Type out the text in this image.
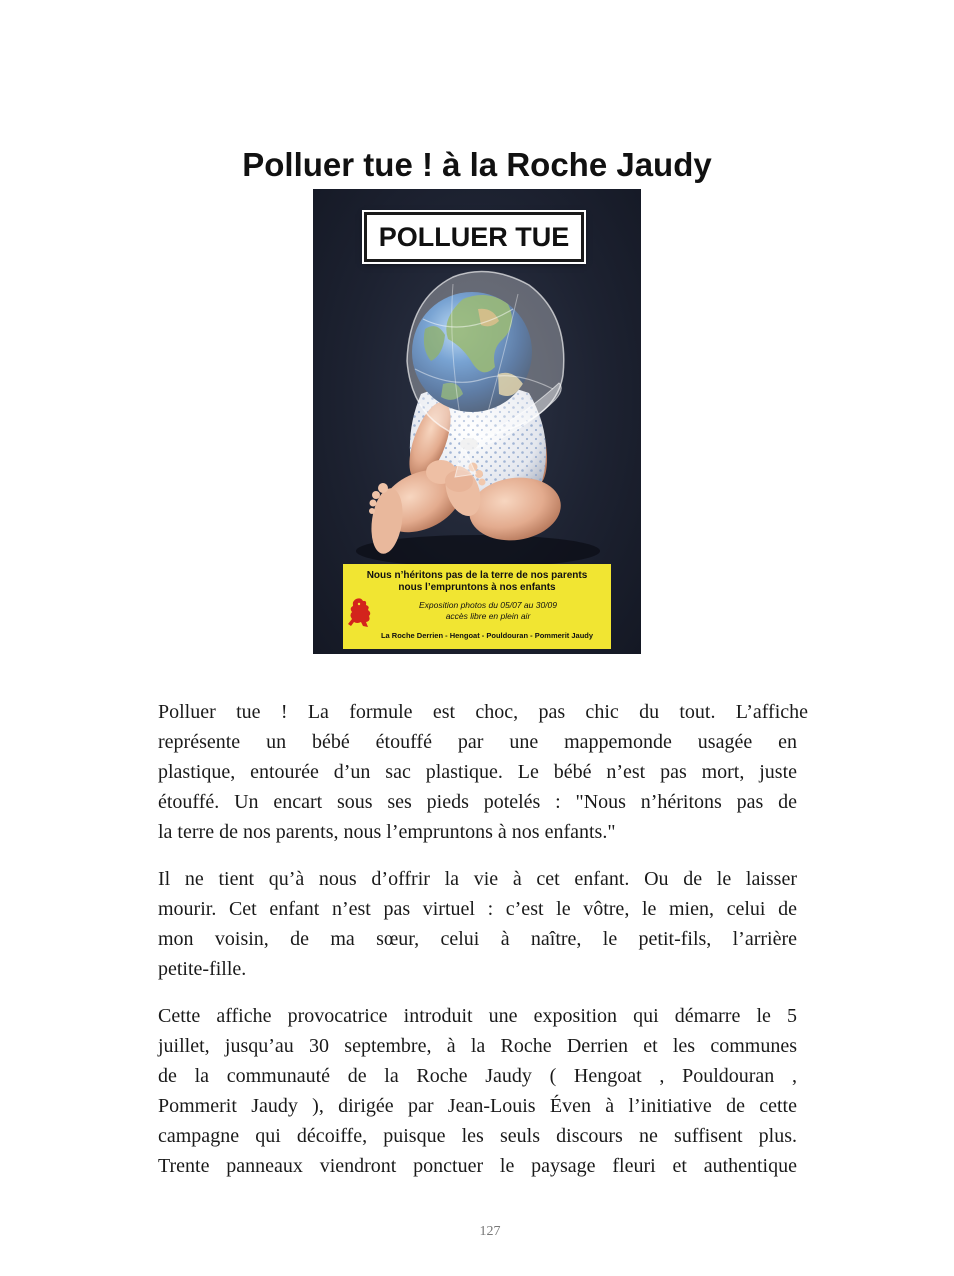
Polluer tue ! à la Roche Jaudy
POLLUER TUE
Nous n’héritons pas de la terre de nos parents
nous l’empruntons à nos enfants
Exposition photos du 05/07 au 30/09
accès libre en plein air
La Roche Derrien - Hengoat - Pouldouran - Pommerit Jaudy
Polluer tue ! La formule est choc, pas chic du tout. L’affiche
représente un bébé étouffé par une mappemonde usagée en
plastique, entourée d’un sac plastique. Le bébé n’est pas mort, juste
étouffé. Un encart sous ses pieds potelés : "Nous n’héritons pas de
la terre de nos parents, nous l’empruntons à nos enfants."
Il ne tient qu’à nous d’offrir la vie à cet enfant. Ou de le laisser
mourir. Cet enfant n’est pas virtuel : c’est le vôtre, le mien, celui de
mon voisin, de ma sœur, celui à naître, le petit-fils, l’arrière
petite-fille.
Cette affiche provocatrice introduit une exposition qui démarre le 5
juillet, jusqu’au 30 septembre, à la Roche Derrien et les communes
de la communauté de la Roche Jaudy ( Hengoat , Pouldouran ,
Pommerit Jaudy ), dirigée par Jean-Louis Éven à l’initiative de cette
campagne qui décoiffe, puisque les seuls discours ne suffisent plus.
Trente panneaux viendront ponctuer le paysage fleuri et authentique
127
